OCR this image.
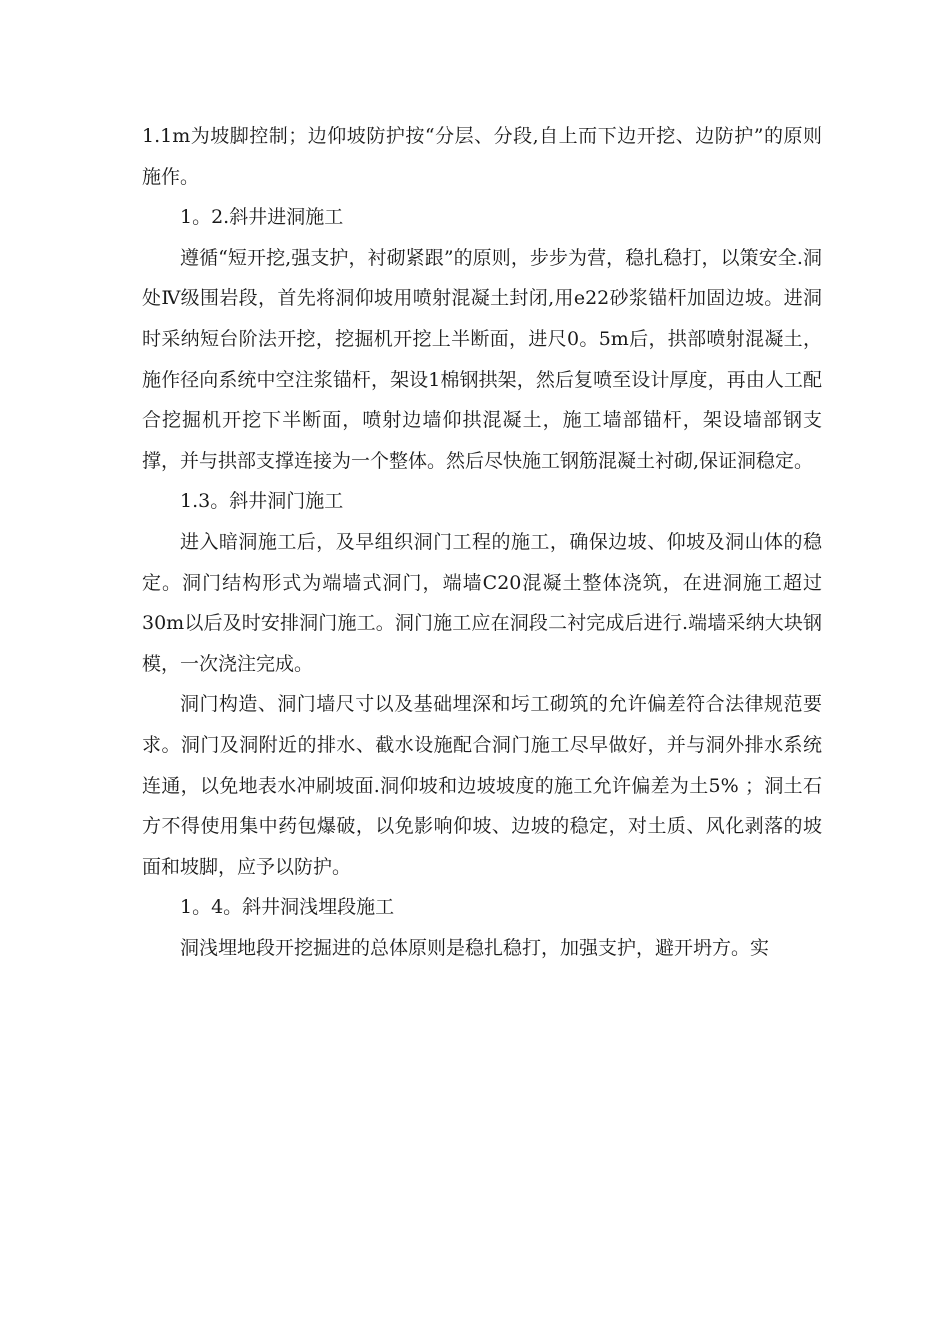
1.1m为坡脚控制；边仰坡防护按“分层、分段,自上而下边开挖、边防护”的原则施作。

1。2.斜井进洞施工

遵循“短开挖,强支护，衬砌紧跟”的原则，步步为营，稳扎稳打，以策安全.洞处Ⅳ级围岩段，首先将洞仰坡用喷射混凝土封闭,用е22砂浆锚杆加固边坡。进洞时采纳短台阶法开挖，挖掘机开挖上半断面，进尺0。5m后，拱部喷射混凝土，施作径向系统中空注浆锚杆，架设1棉钢拱架，然后复喷至设计厚度，再由人工配合挖掘机开挖下半断面，喷射边墙仰拱混凝土，施工墙部锚杆，架设墙部钢支撑，并与拱部支撑连接为一个整体。然后尽快施工钢筋混凝土衬砌,保证洞稳定。

1.3。斜井洞门施工

进入暗洞施工后，及早组织洞门工程的施工，确保边坡、仰坡及洞山体的稳定。洞门结构形式为端墙式洞门，端墙C20混凝土整体浇筑，在进洞施工超过30m以后及时安排洞门施工。洞门施工应在洞段二衬完成后进行.端墙采纳大块钢模，一次浇注完成。

洞门构造、洞门墙尺寸以及基础埋深和圬工砌筑的允许偏差符合法律规范要求。洞门及洞附近的排水、截水设施配合洞门施工尽早做好，并与洞外排水系统连通，以免地表水冲刷坡面.洞仰坡和边坡坡度的施工允许偏差为土5% ；洞土石方不得使用集中药包爆破，以免影响仰坡、边坡的稳定，对土质、风化剥落的坡面和坡脚，应予以防护。

1。4。斜井洞浅埋段施工

洞浅埋地段开挖掘进的总体原则是稳扎稳打，加强支护，避开坍方。实
